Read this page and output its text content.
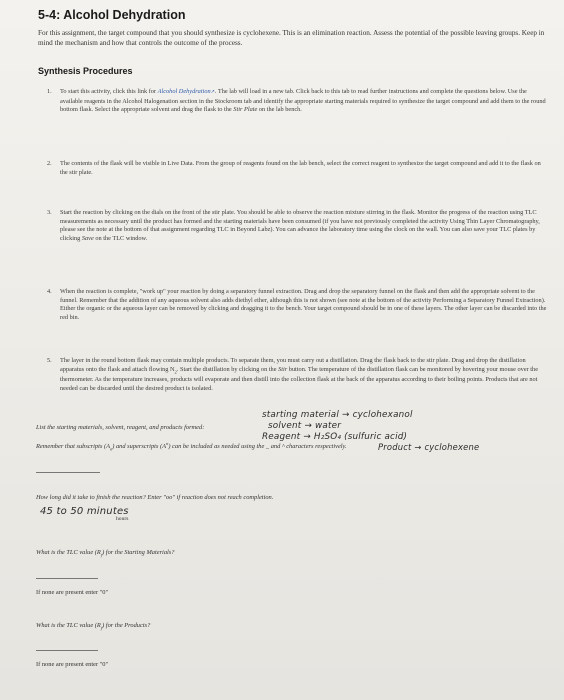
5-4: Alcohol Dehydration
For this assignment, the target compound that you should synthesize is cyclohexene. This is an elimination reaction. Assess the potential of the possible leaving groups. Keep in mind the mechanism and how that controls the outcome of the process.
Synthesis Procedures
1. To start this activity, click this link for Alcohol Dehydration↗. The lab will load in a new tab. Click back to this tab to read further instructions and complete the questions below. Use the available reagents in the Alcohol Halogenation section in the Stockroom tab and identify the appropriate starting materials required to synthesize the target compound and add them to the round bottom flask. Select the appropriate solvent and drag the flask to the Stir Plate on the lab bench.
2. The contents of the flask will be visible in Live Data. From the group of reagents found on the lab bench, select the correct reagent to synthesize the target compound and add it to the flask on the stir plate.
3. Start the reaction by clicking on the dials on the front of the stir plate. You should be able to observe the reaction mixture stirring in the flask. Monitor the progress of the reaction using TLC measurements as necessary until the product has formed and the starting materials have been consumed (if you have not previously completed the activity Using Thin Layer Chromatography, please see the note at the bottom of that assignment regarding TLC in Beyond Labz). You can advance the laboratory time using the clock on the wall. You can also save your TLC plates by clicking Save on the TLC window.
4. When the reaction is complete, "work up" your reaction by doing a separatory funnel extraction. Drag and drop the separatory funnel on the flask and then add the appropriate solvent to the funnel. Remember that the addition of any aqueous solvent also adds diethyl ether, although this is not shown (see note at the bottom of the activity Performing a Separatory Funnel Extraction). Either the organic or the aqueous layer can be removed by clicking and dragging it to the bench. Your target compound should be in one of these layers. The other layer can be discarded into the red bin.
5. The layer in the round bottom flask may contain multiple products. To separate them, you must carry out a distillation. Drag the flask back to the stir plate. Drag and drop the distillation apparatus onto the flask and attach flowing $N_2$. Start the distillation by clicking on the Stir button. The temperature of the distillation flask can be monitored by hovering your mouse over the thermometer. As the temperature increases, products will evaporate and then distill into the collection flask at the back of the apparatus according to their boiling points. Products that are not needed can be discarded until the desired product is isolated.
List the starting materials, solvent, reagent, and products formed:
Remember that subscripts $(A_n)$ and superscripts $(A^n)$ can be included as needed using the _ and ^ characters respectively.
starting material → cyclohexanol
solvent → water
Reagent → H₂SO₄ (sulfuric acid)
Product → cyclohexene
How long did it take to finish the reaction? Enter "oo" if reaction does not reach completion.
45 to 50 minutes
hours
What is the TLC value $(R_f)$ for the Starting Materials?
If none are present enter "0"
What is the TLC value $(R_f)$ for the Products?
If none are present enter "0"
